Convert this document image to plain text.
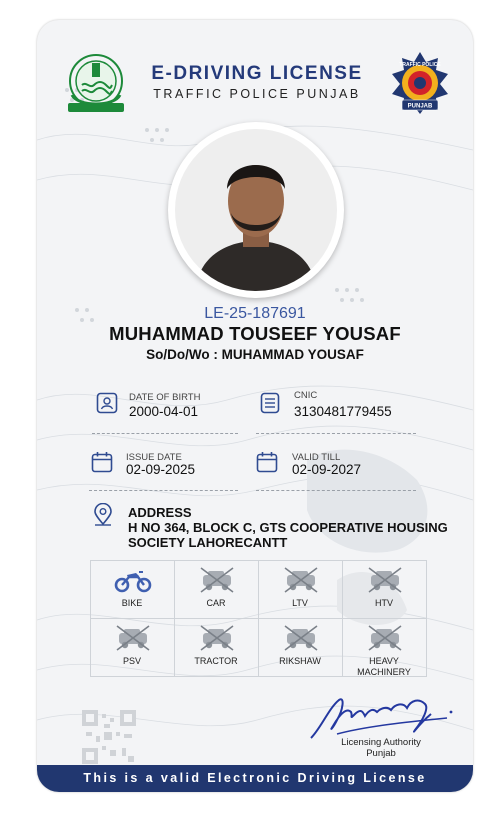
E-DRIVING LICENSE
TRAFFIC POLICE PUNJAB
TRAFFIC POLICE
PUNJAB
LE-25-187691
MUHAMMAD TOUSEEF YOUSAF
So/Do/Wo : MUHAMMAD YOUSAF
DATE OF BIRTH
2000-04-01
CNIC
3130481779455
ISSUE DATE
02-09-2025
VALID TILL
02-09-2027
ADDRESS
H NO 364, BLOCK C, GTS COOPERATIVE HOUSING SOCIETY LAHORECANTT
BIKE	CAR	LTV	HTV
PSV	TRACTOR	RIKSHAW	HEAVY MACHINERY
Licensing Authority
Punjab
This is a valid Electronic Driving License
